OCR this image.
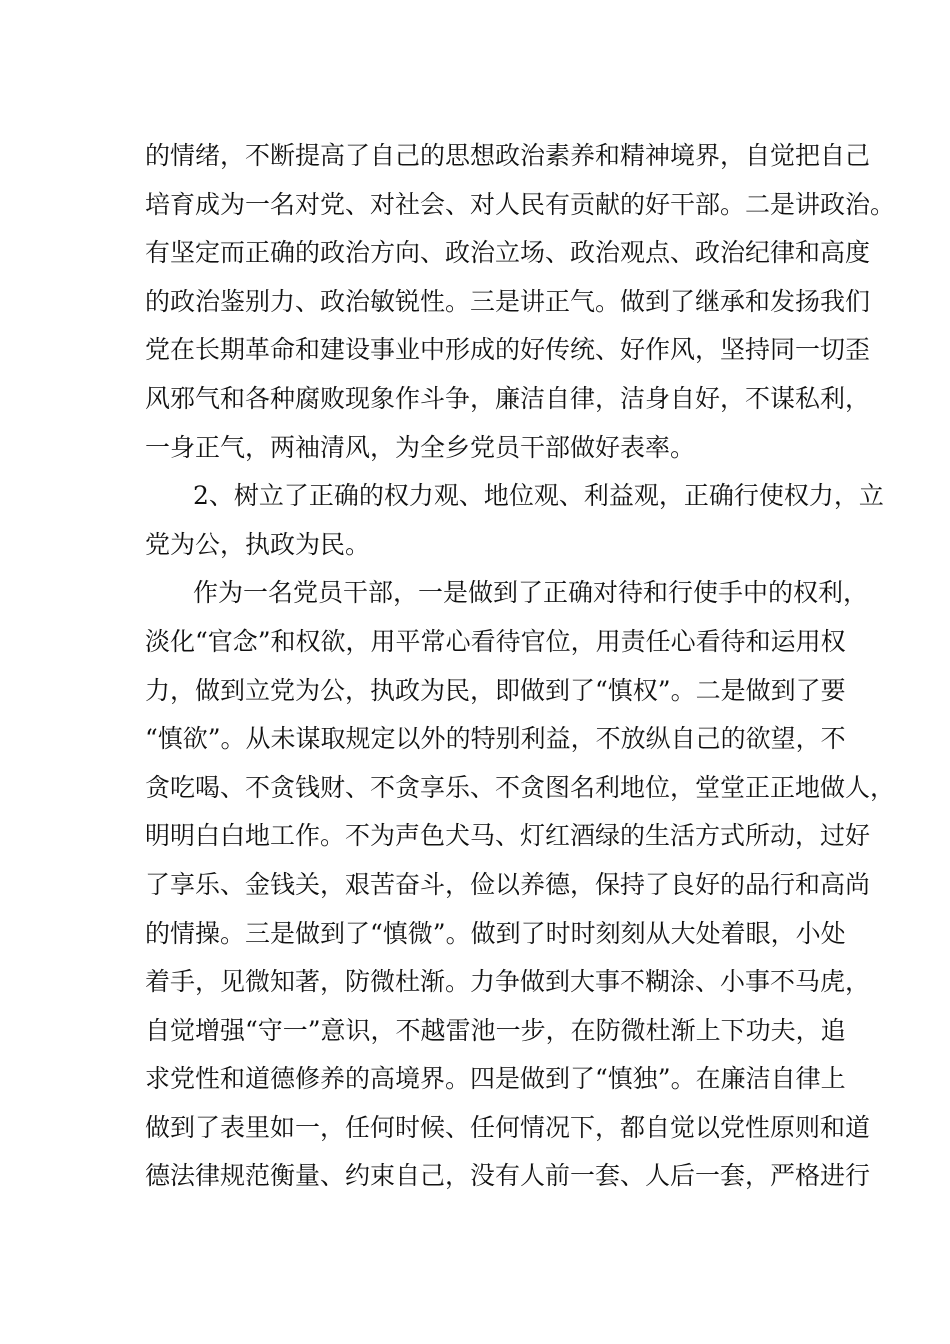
的情绪，不断提高了自己的思想政治素养和精神境界，自觉把自己
培育成为一名对党、对社会、对人民有贡献的好干部。二是讲政治。
有坚定而正确的政治方向、政治立场、政治观点、政治纪律和高度
的政治鉴别力、政治敏锐性。三是讲正气。做到了继承和发扬我们
党在长期革命和建设事业中形成的好传统、好作风，坚持同一切歪
风邪气和各种腐败现象作斗争，廉洁自律，洁身自好，不谋私利，
一身正气，两袖清风，为全乡党员干部做好表率。
2、树立了正确的权力观、地位观、利益观，正确行使权力，立
党为公，执政为民。
作为一名党员干部，一是做到了正确对待和行使手中的权利，
淡化“官念”和权欲，用平常心看待官位，用责任心看待和运用权
力，做到立党为公，执政为民，即做到了“慎权”。二是做到了要
“慎欲”。从未谋取规定以外的特别利益，不放纵自己的欲望，不
贪吃喝、不贪钱财、不贪享乐、不贪图名利地位，堂堂正正地做人，
明明白白地工作。不为声色犬马、灯红酒绿的生活方式所动，过好
了享乐、金钱关，艰苦奋斗，俭以养德，保持了良好的品行和高尚
的情操。三是做到了“慎微”。做到了时时刻刻从大处着眼，小处
着手，见微知著，防微杜渐。力争做到大事不糊涂、小事不马虎，
自觉增强“守一”意识，不越雷池一步，在防微杜渐上下功夫，追
求党性和道德修养的高境界。四是做到了“慎独”。在廉洁自律上
做到了表里如一，任何时候、任何情况下，都自觉以党性原则和道
德法律规范衡量、约束自己，没有人前一套、人后一套，严格进行
